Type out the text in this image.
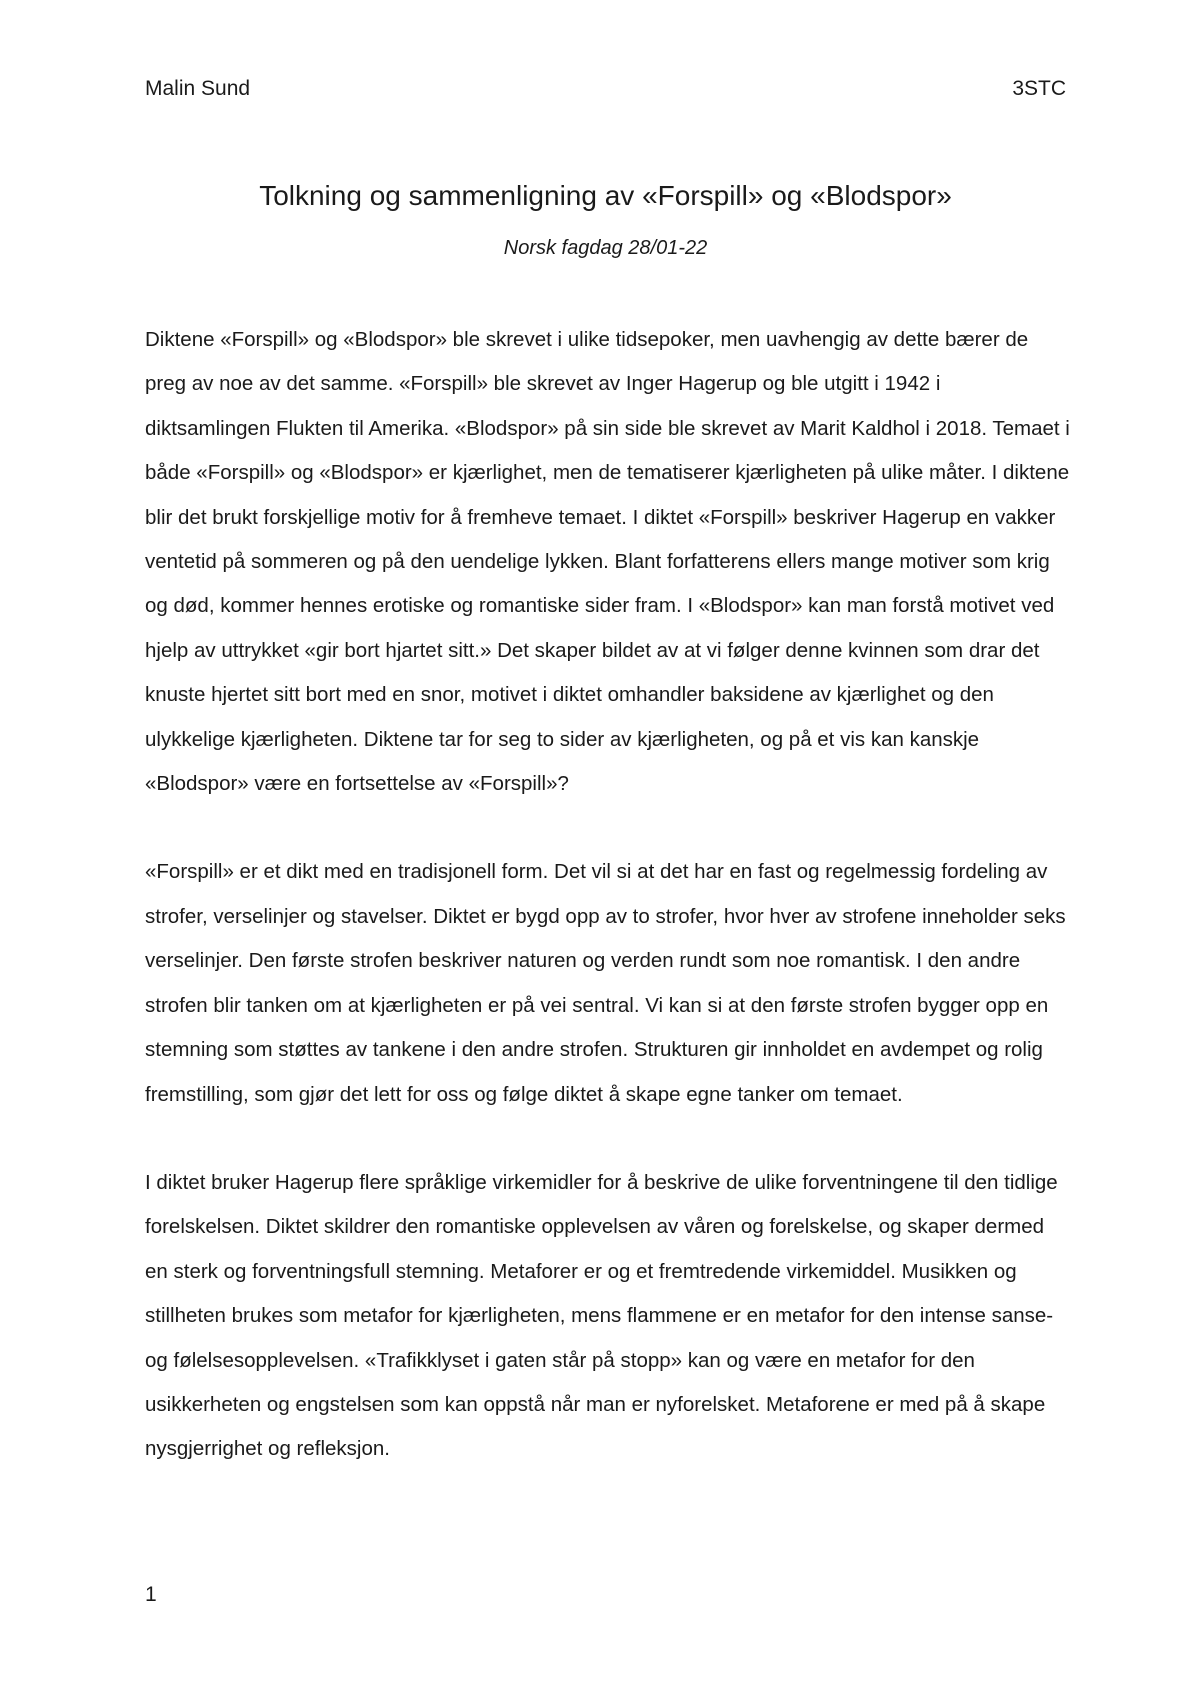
Malin Sund	3STC
Tolkning og sammenligning av «Forspill» og «Blodspor»

Norsk fagdag 28/01-22

Diktene «Forspill» og «Blodspor» ble skrevet i ulike tidsepoker, men uavhengig av dette bærer de preg av noe av det samme. «Forspill» ble skrevet av Inger Hagerup og ble utgitt i 1942 i diktsamlingen Flukten til Amerika. «Blodspor» på sin side ble skrevet av Marit Kaldhol i 2018. Temaet i både «Forspill» og «Blodspor» er kjærlighet, men de tematiserer kjærligheten på ulike måter. I diktene blir det brukt forskjellige motiv for å fremheve temaet. I diktet «Forspill» beskriver Hagerup en vakker ventetid på sommeren og på den uendelige lykken. Blant forfatterens ellers mange motiver som krig og død, kommer hennes erotiske og romantiske sider fram. I «Blodspor» kan man forstå motivet ved hjelp av uttrykket «gir bort hjartet sitt.» Det skaper bildet av at vi følger denne kvinnen som drar det knuste hjertet sitt bort med en snor, motivet i diktet omhandler baksidene av kjærlighet og den ulykkelige kjærligheten. Diktene tar for seg to sider av kjærligheten, og på et vis kan kanskje «Blodspor» være en fortsettelse av «Forspill»?

«Forspill» er et dikt med en tradisjonell form. Det vil si at det har en fast og regelmessig fordeling av strofer, verselinjer og stavelser. Diktet er bygd opp av to strofer, hvor hver av strofene inneholder seks verselinjer. Den første strofen beskriver naturen og verden rundt som noe romantisk. I den andre strofen blir tanken om at kjærligheten er på vei sentral. Vi kan si at den første strofen bygger opp en stemning som støttes av tankene i den andre strofen. Strukturen gir innholdet en avdempet og rolig fremstilling, som gjør det lett for oss og følge diktet å skape egne tanker om temaet.

I diktet bruker Hagerup flere språklige virkemidler for å beskrive de ulike forventningene til den tidlige forelskelsen. Diktet skildrer den romantiske opplevelsen av våren og forelskelse, og skaper dermed en sterk og forventningsfull stemning. Metaforer er og et fremtredende virkemiddel. Musikken og stillheten brukes som metafor for kjærligheten, mens flammene er en metafor for den intense sanse- og følelsesopplevelsen. «Trafikklyset i gaten står på stopp» kan og være en metafor for den usikkerheten og engstelsen som kan oppstå når man er nyforelsket. Metaforene er med på å skape nysgjerrighet og refleksjon.

1
